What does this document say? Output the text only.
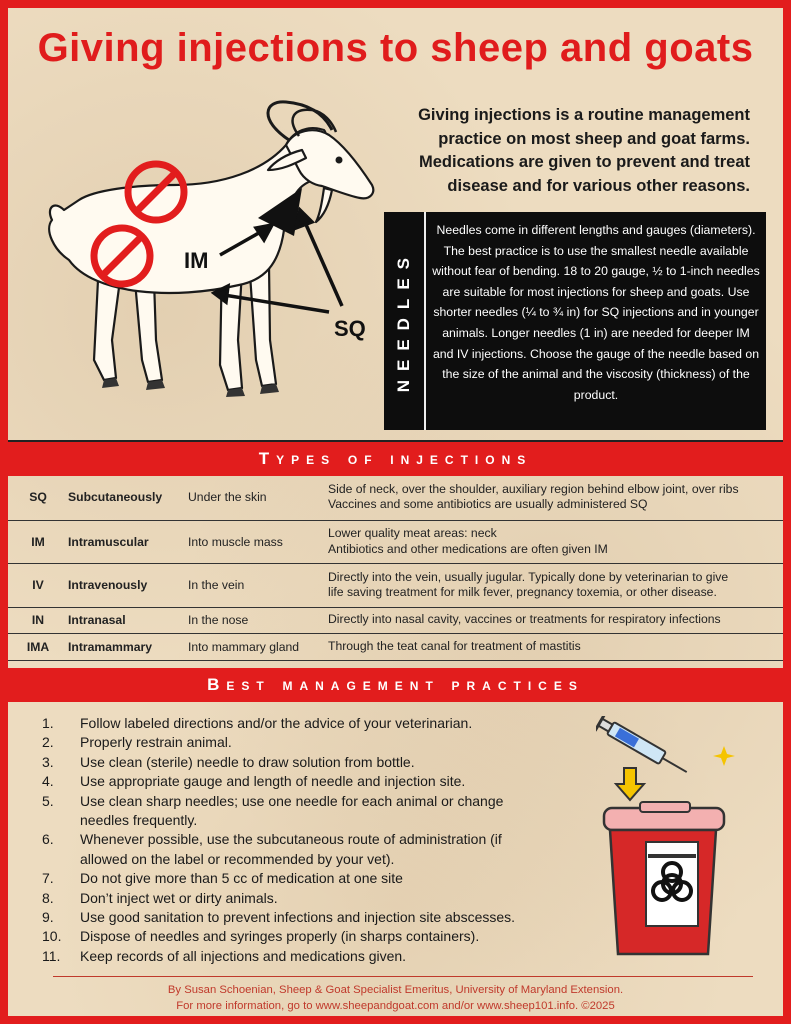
Giving injections to sheep and goats
IM
SQ
Giving injections is a routine management practice on most sheep and goat farms. Medications are given to prevent and treat disease and for various other reasons.
NEEDLES
Needles come in different lengths and gauges (diameters). The best practice is to use the smallest needle available without fear of bending. 18 to 20 gauge, ½ to 1-inch needles are suitable for most injections for sheep and goats. Use shorter needles (¼ to ¾ in) for SQ injections and in younger animals. Longer needles (1 in) are needed for deeper IM and IV injections. Choose the gauge of the needle based on the size of the animal and the viscosity (thickness) of the product.
Types of injections
SQ	Subcutaneously	Under the skin	Side of neck, over the shoulder, auxiliary region behind elbow joint, over ribs
Vaccines and some antibiotics are usually administered SQ

IM	Intramuscular	Into muscle mass	Lower quality meat areas: neck
Antibiotics and other medications are often given IM

IV	Intravenously	In the vein	Directly into the vein, usually jugular. Typically done by veterinarian to give
life saving treatment for milk fever, pregnancy toxemia, or other disease.

IN	Intranasal	In the nose	Directly into nasal cavity, vaccines or treatments for respiratory infections
IMA	Intramammary	Into mammary gland	Through the teat canal for treatment of mastitis
Best management practices
1. Follow labeled directions and/or the advice of your veterinarian.
2. Properly restrain animal.
3. Use clean (sterile) needle to draw solution from bottle.
4. Use appropriate gauge and length of needle and injection site.
5. Use clean sharp needles; use one needle for each animal or change needles frequently.
6. Whenever possible, use the subcutaneous route of administration (if allowed on the label or recommended by your vet).
7. Do not give more than 5 cc of medication at one site
8. Don’t inject wet or dirty animals.
9. Use good sanitation to prevent infections and injection site abscesses.
10. Dispose of needles and syringes properly (in sharps containers).
11. Keep records of all injections and medications given.
By Susan Schoenian, Sheep & Goat Specialist Emeritus, University of Maryland Extension.
For more information, go to www.sheepandgoat.com and/or www.sheep101.info. ©2025
